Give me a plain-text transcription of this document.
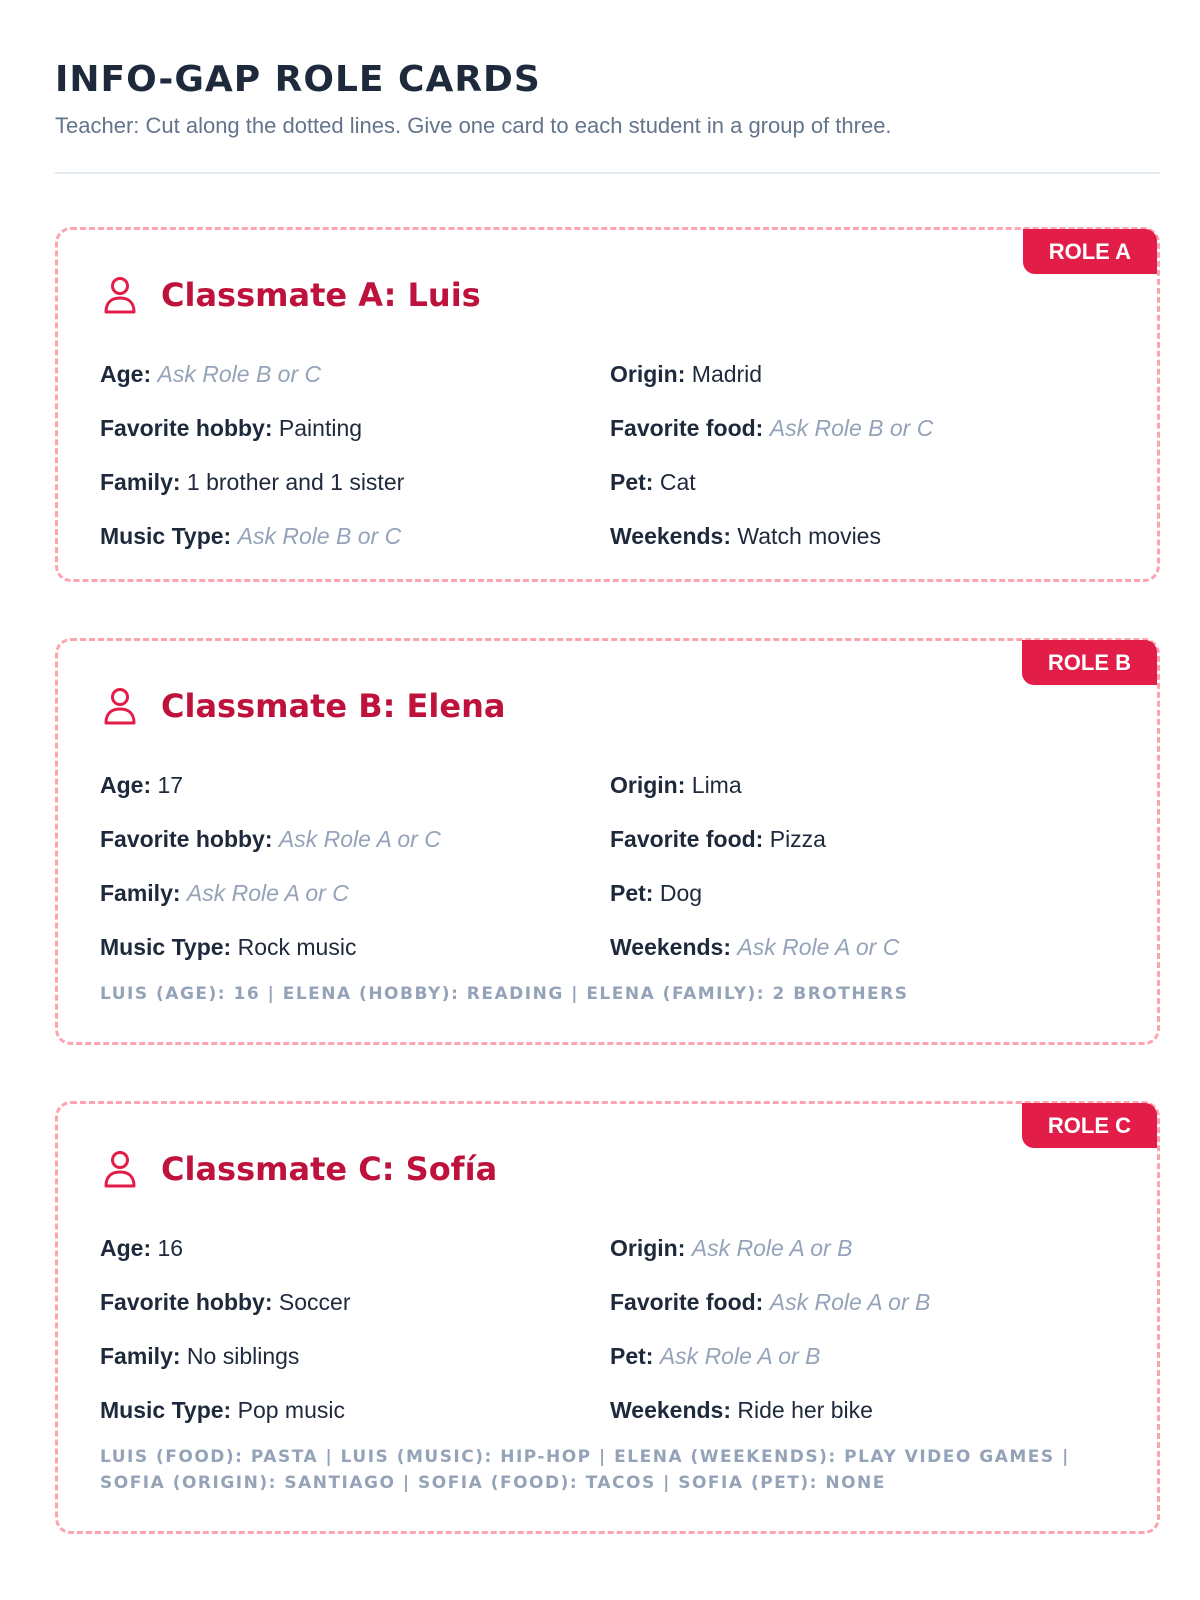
INFO-GAP ROLE CARDS

Teacher: Cut along the dotted lines. Give one card to each student in a group of three.

ROLE A
Classmate A: Luis
Age: Ask Role B or C	Origin: Madrid
Favorite hobby: Painting	Favorite food: Ask Role B or C
Family: 1 brother and 1 sister	Pet: Cat
Music Type: Ask Role B or C	Weekends: Watch movies
ROLE B
Classmate B: Elena
Age: 17	Origin: Lima
Favorite hobby: Ask Role A or C	Favorite food: Pizza
Family: Ask Role A or C	Pet: Dog
Music Type: Rock music	Weekends: Ask Role A or C
LUIS (AGE): 16 | ELENA (HOBBY): READING | ELENA (FAMILY): 2 BROTHERS
ROLE C
Classmate C: Sofía
Age: 16	Origin: Ask Role A or B
Favorite hobby: Soccer	Favorite food: Ask Role A or B
Family: No siblings	Pet: Ask Role A or B
Music Type: Pop music	Weekends: Ride her bike
LUIS (FOOD): PASTA | LUIS (MUSIC): HIP-HOP | ELENA (WEEKENDS): PLAY VIDEO GAMES | SOFIA (ORIGIN): SANTIAGO | SOFIA (FOOD): TACOS | SOFIA (PET): NONE
